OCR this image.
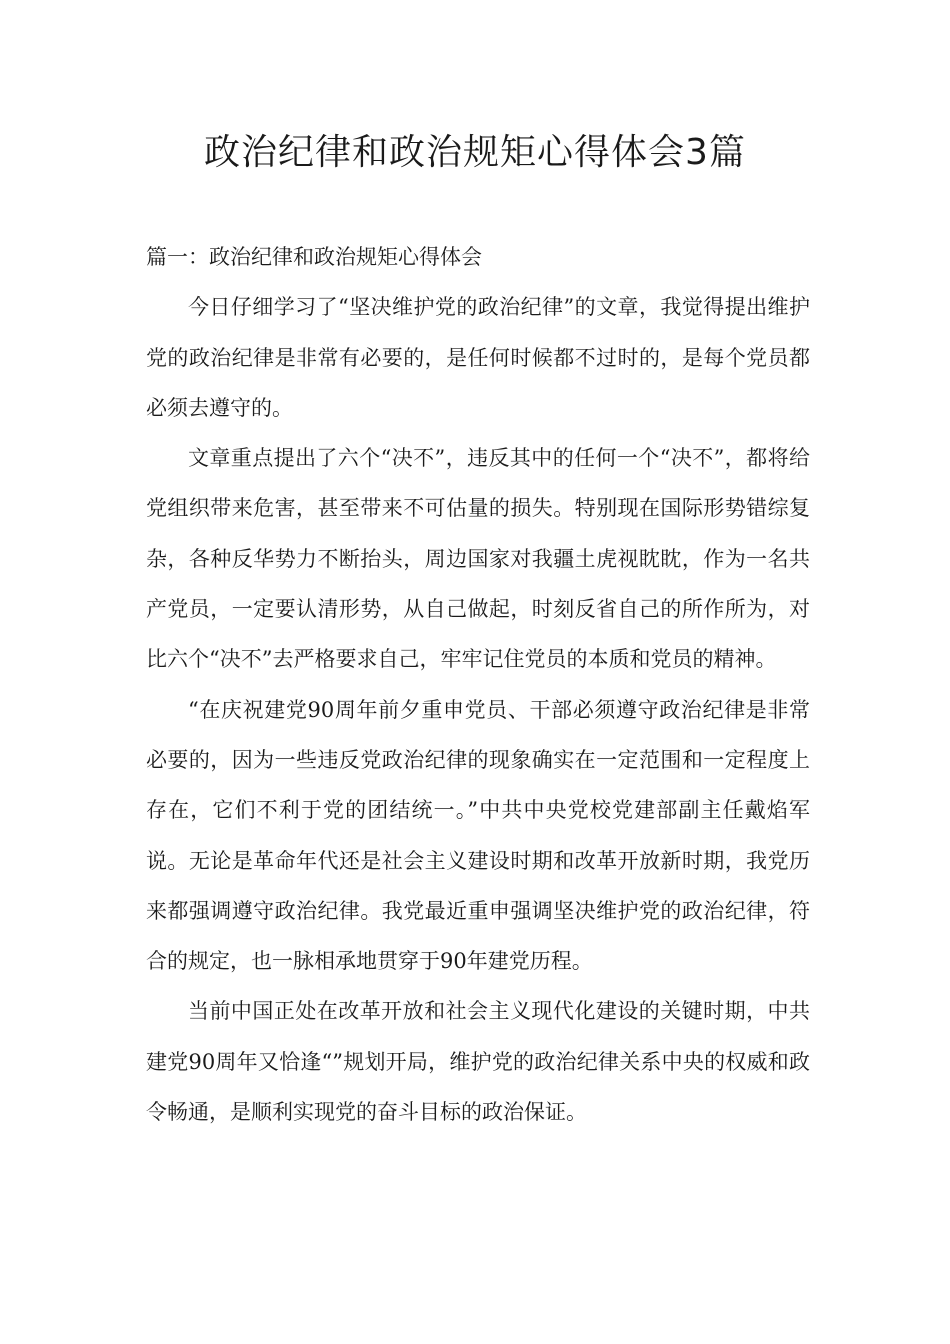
政治纪律和政治规矩心得体会3篇
篇一：政治纪律和政治规矩心得体会

今日仔细学习了“坚决维护党的政治纪律”的文章，我觉得提出维护党的政治纪律是非常有必要的，是任何时候都不过时的，是每个党员都必须去遵守的。

文章重点提出了六个“决不”，违反其中的任何一个“决不”，都将给党组织带来危害，甚至带来不可估量的损失。特别现在国际形势错综复杂，各种反华势力不断抬头，周边国家对我疆土虎视眈眈，作为一名共产党员，一定要认清形势，从自己做起，时刻反省自己的所作所为，对比六个“决不”去严格要求自己，牢牢记住党员的本质和党员的精神。

“在庆祝建党90周年前夕重申党员、干部必须遵守政治纪律是非常必要的，因为一些违反党政治纪律的现象确实在一定范围和一定程度上存在，它们不利于党的团结统一。”中共中央党校党建部副主任戴焰军说。无论是革命年代还是社会主义建设时期和改革开放新时期，我党历来都强调遵守政治纪律。我党最近重申强调坚决维护党的政治纪律，符合的规定，也一脉相承地贯穿于90年建党历程。

当前中国正处在改革开放和社会主义现代化建设的关键时期，中共建党90周年又恰逢“”规划开局，维护党的政治纪律关系中央的权威和政令畅通，是顺利实现党的奋斗目标的政治保证。
